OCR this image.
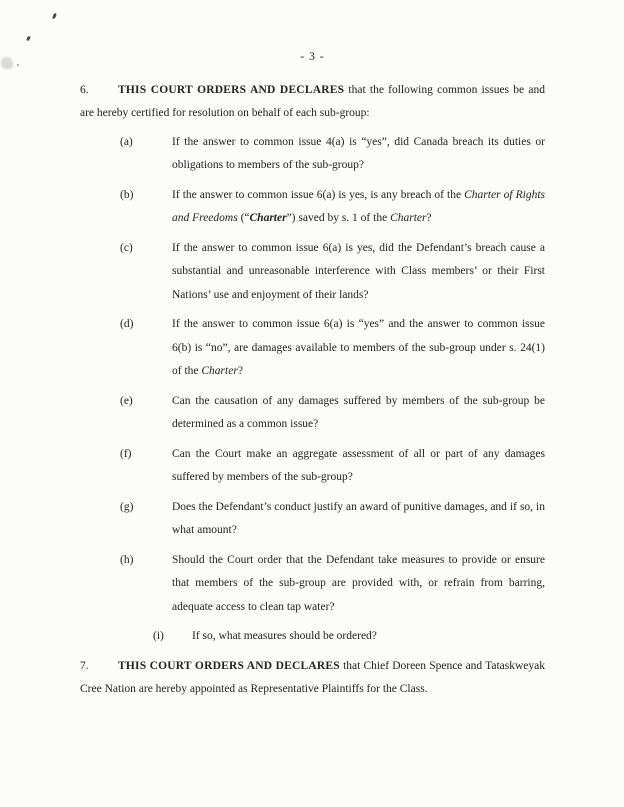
- 3 -

6.	THIS COURT ORDERS AND DECLARES that the following common issues be and are hereby certified for resolution on behalf of each sub-group:

(a)	If the answer to common issue 4(a) is “yes”, did Canada breach its duties or obligations to members of the sub-group?
(b)	If the answer to common issue 6(a) is yes, is any breach of the Charter of Rights and Freedoms (“Charter”) saved by s. 1 of the Charter?
(c)	If the answer to common issue 6(a) is yes, did the Defendant’s breach cause a substantial and unreasonable interference with Class members’ or their First Nations’ use and enjoyment of their lands?
(d)	If the answer to common issue 6(a) is “yes” and the answer to common issue 6(b) is “no”, are damages available to members of the sub-group under s. 24(1) of the Charter?
(e)	Can the causation of any damages suffered by members of the sub-group be determined as a common issue?
(f)	Can the Court make an aggregate assessment of all or part of any damages suffered by members of the sub-group?
(g)	Does the Defendant’s conduct justify an award of punitive damages, and if so, in what amount?
(h)	Should the Court order that the Defendant take measures to provide or ensure that members of the sub-group are provided with, or refrain from barring, adequate access to clean tap water?
(i) If so, what measures should be ordered?

7.	THIS COURT ORDERS AND DECLARES that Chief Doreen Spence and Tataskweyak Cree Nation are hereby appointed as Representative Plaintiffs for the Class.
